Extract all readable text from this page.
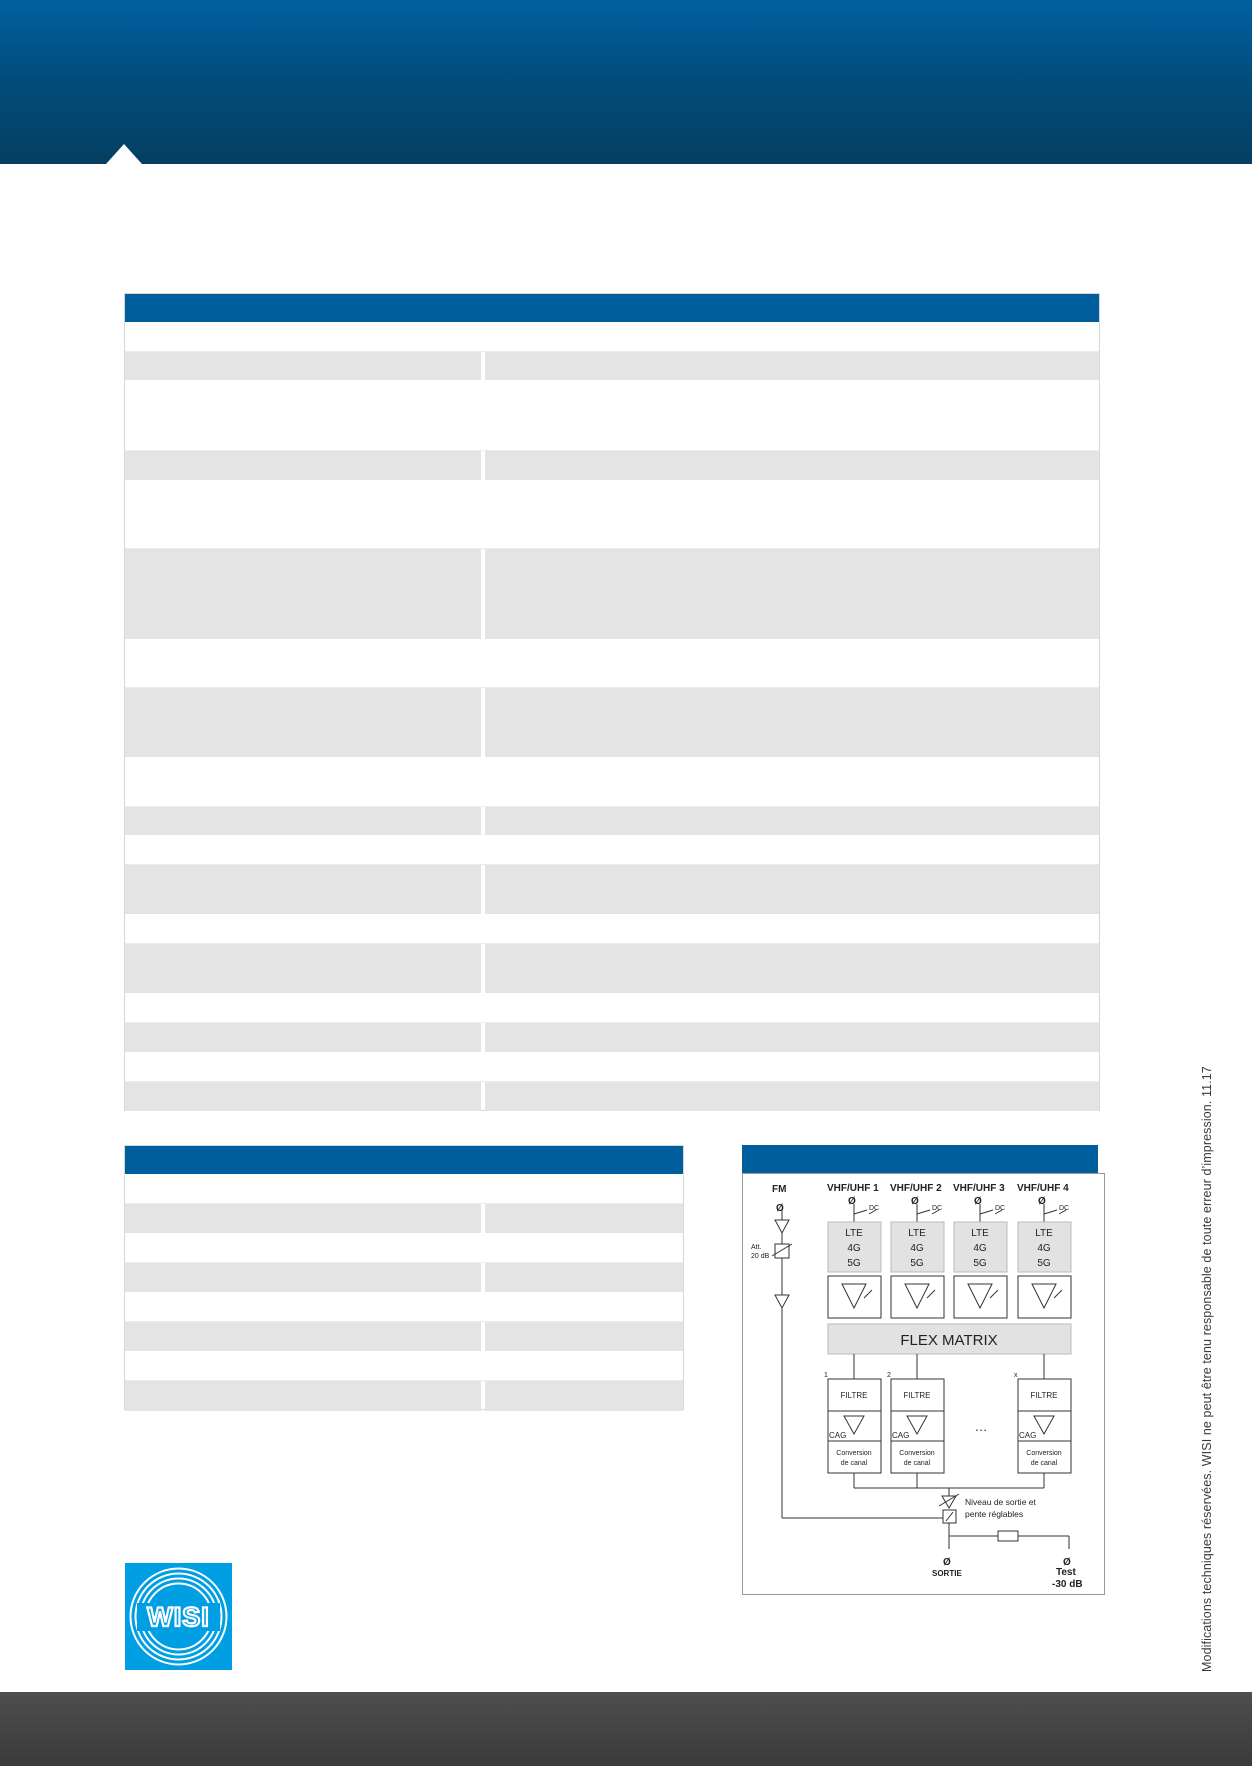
Ø
Ø	Ø	Ø	Ø
Ø	Ø
FM	VHF/UHF 1 VHF/UHF 2 VHF/UHF 3 VHF/UHF 4
DC	DC	DC	DC
Att.
20 dB
LTE
4G
5G
LTE
4G
5G
LTE
4G
5G
LTE
4G
5G
FLEX MATRIX
FILTRE	FILTRE	FILTRE
Conversion
de canal
Conversion
de canal
Conversion
de canal
…
1	2	x
CAG	CAG	CAG
Niveau de sortie et
pente réglables
SORTIE	Test
-30 dB
WISI	Modifications techniques réservées. WISI ne peut être tenu responsable de toute erreur d’impression. 11.17
